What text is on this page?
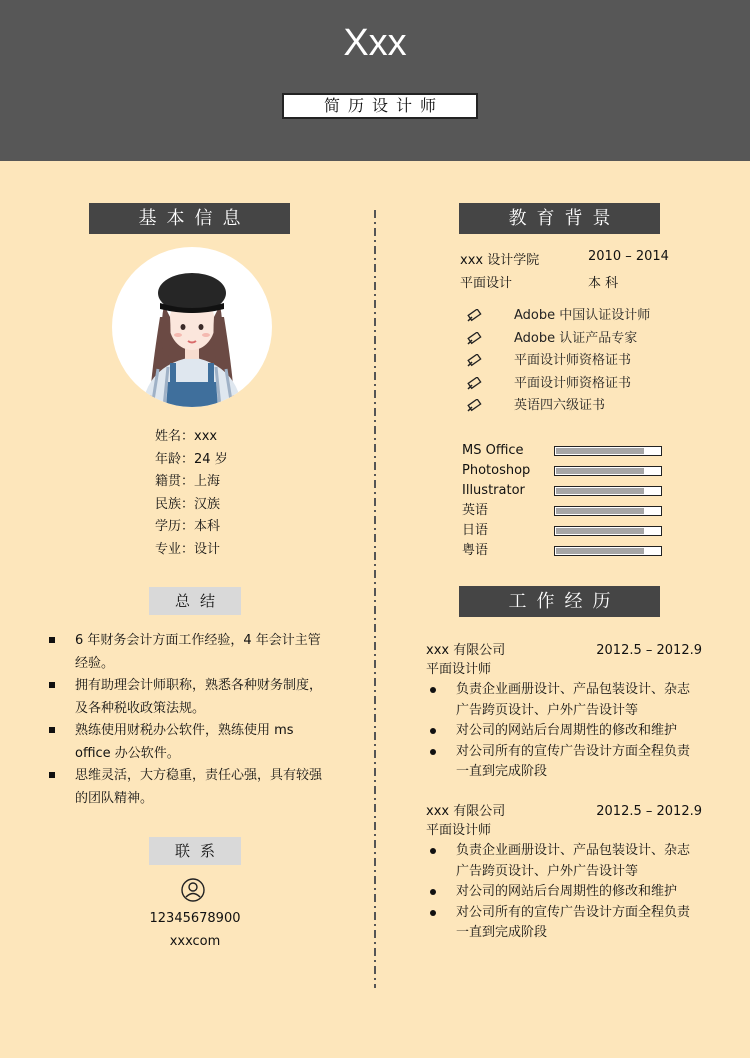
Xxx
简历设计师
基本信息
姓名：xxx
年龄：24 岁
籍贯：上海
民族：汉族
学历：本科
专业：设计
总结
6 年财务会计方面工作经验，4 年会计主管经验。
拥有助理会计师职称，熟悉各种财务制度，及各种税收政策法规。
熟练使用财税办公软件，熟练使用 ms office 办公软件。
思维灵活，大方稳重，责任心强，具有较强的团队精神。
联系
12345678900
xxxcom
教育背景
xxx 设计学院	2010 – 2014
平面设计	本 科
Adobe 中国认证设计师
Adobe 认证产品专家
平面设计师资格证书
平面设计师资格证书
英语四六级证书
MS Office
Photoshop
Illustrator
英语
日语
粤语
工作经历
xxx 有限公司	2012.5 – 2012.9
平面设计师
负责企业画册设计、产品包装设计、杂志广告跨页设计、户外广告设计等
对公司的网站后台周期性的修改和维护
对公司所有的宣传广告设计方面全程负责一直到完成阶段
xxx 有限公司	2012.5 – 2012.9
平面设计师
负责企业画册设计、产品包装设计、杂志广告跨页设计、户外广告设计等
对公司的网站后台周期性的修改和维护
对公司所有的宣传广告设计方面全程负责一直到完成阶段
